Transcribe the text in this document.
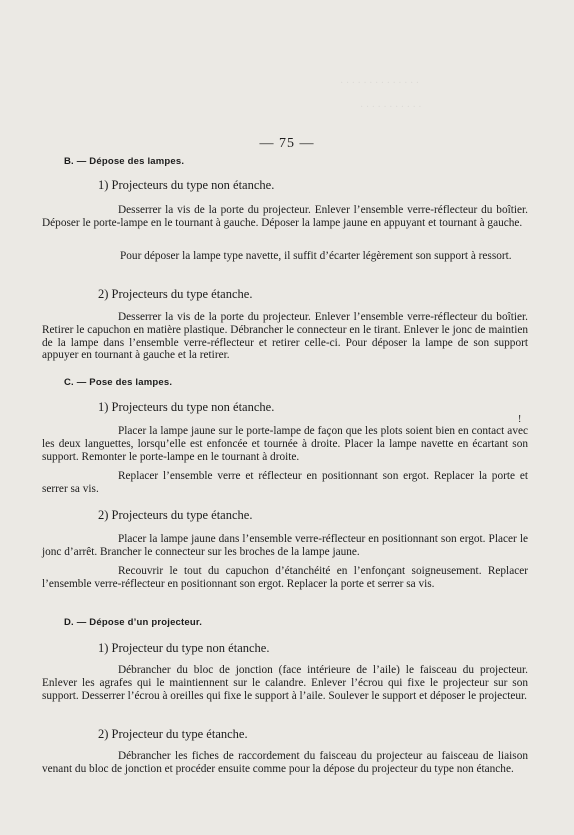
· · · · · · · · · · · · · ·
· · · · · · · · · · ·
— 75 —
B. — Dépose des lampes.
1) Projecteurs du type non étanche.

Desserrer la vis de la porte du projecteur. Enlever l’ensemble verre-réflecteur du boîtier. Déposer le porte-lampe en le tournant à gauche. Déposer la lampe jaune en appuyant et tournant à gauche.

Pour déposer la lampe type navette, il suffit d’écarter légèrement son support à ressort.

2) Projecteurs du type étanche.

Desserrer la vis de la porte du projecteur. Enlever l’ensemble verre-réflecteur du boîtier. Retirer le capuchon en matière plastique. Débrancher le connecteur en le tirant. Enlever le jonc de maintien de la lampe dans l’ensemble verre-réflecteur et retirer celle-ci. Pour déposer la lampe de son support appuyer en tournant à gauche et la retirer.

C. — Pose des lampes.
1) Projecteurs du type non étanche.
!

Placer la lampe jaune sur le porte-lampe de façon que les plots soient bien en contact avec les deux languettes, lorsqu’elle est enfoncée et tournée à droite. Placer la lampe navette en écartant son support. Remonter le porte-lampe en le tournant à droite.

Replacer l’ensemble verre et réflecteur en positionnant son ergot. Replacer la porte et serrer sa vis.

2) Projecteurs du type étanche.

Placer la lampe jaune dans l’ensemble verre-réflecteur en positionnant son ergot. Placer le jonc d’arrêt. Brancher le connecteur sur les broches de la lampe jaune.

Recouvrir le tout du capuchon d’étanchéité en l’enfonçant soigneusement. Replacer l’ensemble verre-réflecteur en positionnant son ergot. Replacer la porte et serrer sa vis.

D. — Dépose d’un projecteur.
1) Projecteur du type non étanche.

Débrancher du bloc de jonction (face intérieure de l’aile) le faisceau du projecteur. Enlever les agrafes qui le maintiennent sur le calandre. Enlever l’écrou qui fixe le projecteur sur son support. Desserrer l’écrou à oreilles qui fixe le support à l’aile. Soulever le support et déposer le projecteur.

2) Projecteur du type étanche.

Débrancher les fiches de raccordement du faisceau du projecteur au faisceau de liaison venant du bloc de jonction et procéder ensuite comme pour la dépose du projecteur du type non étanche.
